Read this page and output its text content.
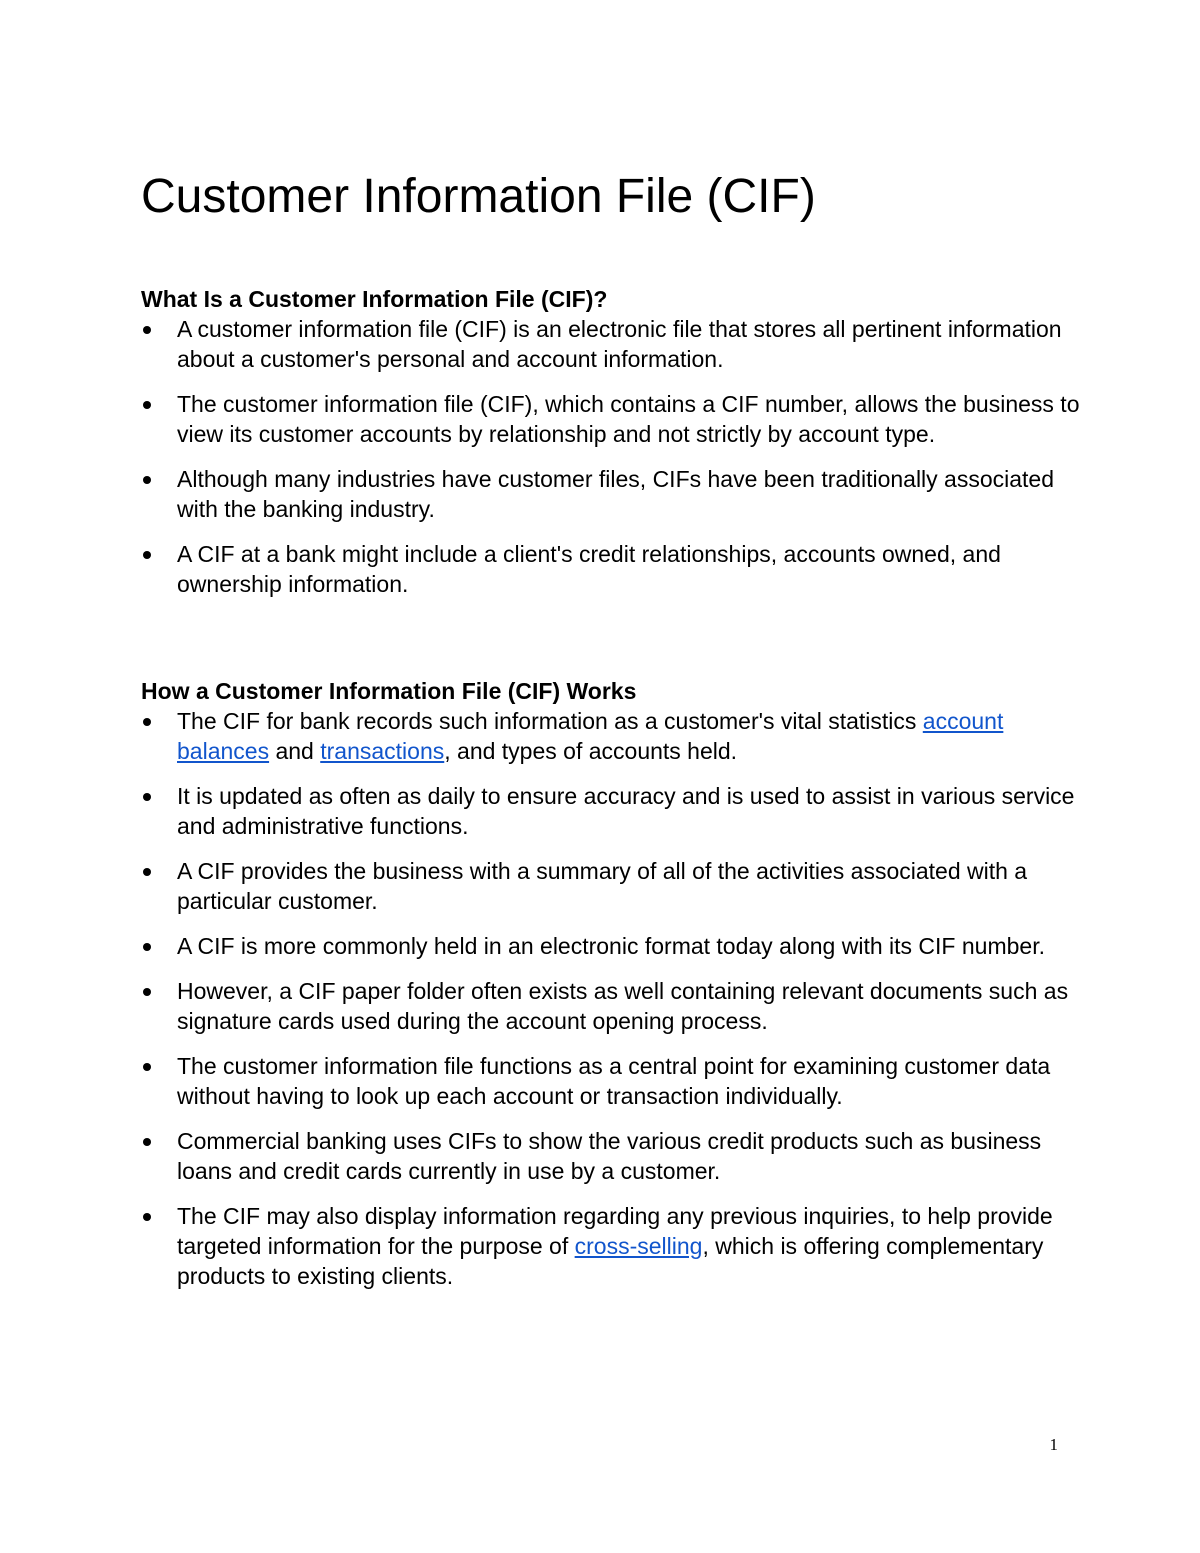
Customer Information File (CIF)
What Is a Customer Information File (CIF)?
A customer information file (CIF) is an electronic file that stores all pertinent information about a customer's personal and account information.
The customer information file (CIF), which contains a CIF number, allows the business to view its customer accounts by relationship and not strictly by account type.
Although many industries have customer files, CIFs have been traditionally associated with the banking industry.
A CIF at a bank might include a client's credit relationships, accounts owned, and ownership information.
How a Customer Information File (CIF) Works
The CIF for bank records such information as a customer's vital statistics account balances and transactions, and types of accounts held.
It is updated as often as daily to ensure accuracy and is used to assist in various service and administrative functions.
A CIF provides the business with a summary of all of the activities associated with a particular customer.
A CIF is more commonly held in an electronic format today along with its CIF number.
However, a CIF paper folder often exists as well containing relevant documents such as signature cards used during the account opening process.
The customer information file functions as a central point for examining customer data without having to look up each account or transaction individually.
Commercial banking uses CIFs to show the various credit products such as business loans and credit cards currently in use by a customer.
The CIF may also display information regarding any previous inquiries, to help provide targeted information for the purpose of cross-selling, which is offering complementary products to existing clients.
1
